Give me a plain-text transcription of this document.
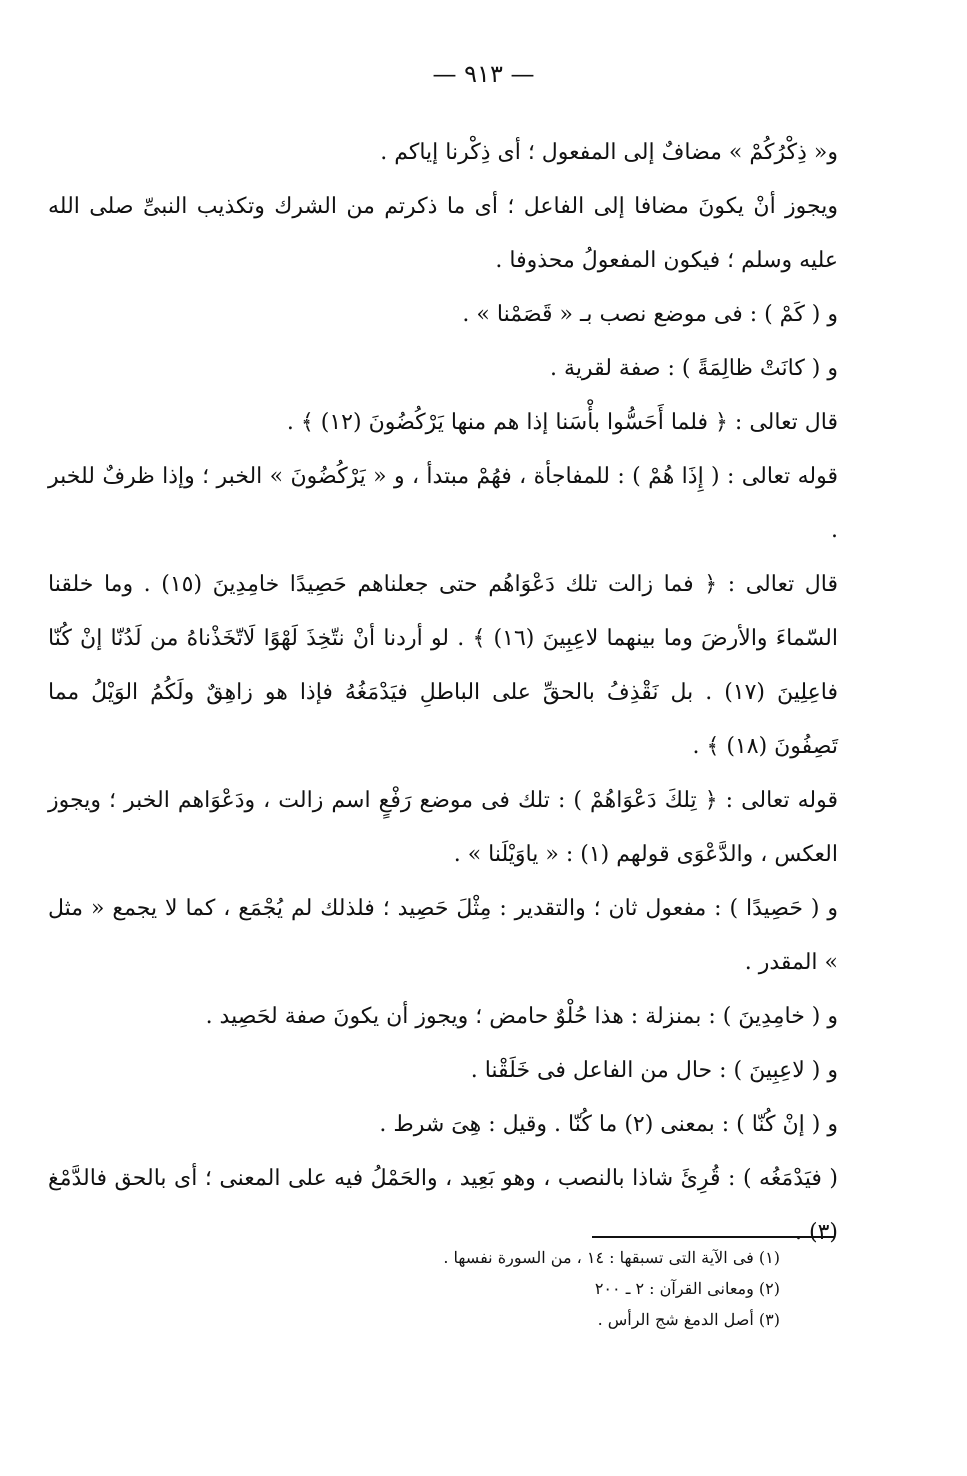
— ٩١٣ —

و« ذِكْرُكُمْ » مضافٌ إلى المفعول ؛ أى ذِكْرنا إياكم .

ويجوز أنْ يكونَ مضافا إلى الفاعل ؛ أى ما ذكرتم من الشرك وتكذيب النبىِّ صلى الله عليه وسلم ؛ فيكون المفعولُ محذوفا .

و ( كَمْ ) : فى موضع نصب بـ « قَصَمْنا » .

و ( كانَتْ ظالِمَةً ) : صفة لقرية .

قال تعالى : ﴿ فلما أَحَسُّوا بأْسَنا إذا هم منها يَرْكُضُونَ (١٢) ﴾ .

قوله تعالى : ( إِذَا هُمْ ) : للمفاجأة ، فهُمْ مبتدأ ، و « يَرْكُضُونَ » الخبر ؛ وإذا ظرفٌ للخبر .

قال تعالى : ﴿ فما زالت تلك دَعْوَاهُم حتى جعلناهم حَصِيدًا خامِدِينَ (١٥) . وما خلقنا السّماءَ والأرضَ وما بينهما لاعِبِينَ (١٦) ﴾ . لو أردنا أنْ نتّخِذَ لَهْوًا لَاتّخَذْناهُ من لَدُنّا إنْ كُنّا فاعِلِينَ (١٧) . بل نَقْذِفُ بالحقِّ على الباطلِ فيَدْمَغُهُ فإذا هو زاهِقٌ ولَكُمُ الوَيْلُ مما تَصِفُونَ (١٨) ﴾ .

قوله تعالى : ﴿ تِلكَ دَعْوَاهُمْ ) : تلك فى موضع رَفْعٍ اسم زالت ، ودَعْوَاهم الخبر ؛ ويجوز العكس ، والدَّعْوَى قولهم (١) : « ياوَيْلَنا » .

و ( حَصِيدًا ) : مفعول ثان ؛ والتقدير : مِثْلَ حَصِيد ؛ فلذلك لم يُجْمَع ، كما لا يجمع « مثل » المقدر .

و ( خامِدِينَ ) : بمنزلة : هذا حُلْوٌ حامض ؛ ويجوز أن يكونَ صفة لحَصِيد .

و ( لاعِبِينَ ) : حال من الفاعل فى خَلَقْنا .

و ( إنْ كُنّا ) : بمعنى (٢) ما كُنّا . وقيل : هِىَ شرط .

( فيَدْمَغُه ) : قُرِئَ شاذا بالنصب ، وهو بَعِيد ، والحَمْلُ فيه على المعنى ؛ أى بالحق فالدَّمْغ (٣) .

(١) فى الآية التى تسبقها : ١٤ ، من السورة نفسها .

(٢) ومعانى القرآن : ٢ ـ ٢٠٠

(٣) أصل الدمغ شج الرأس .
